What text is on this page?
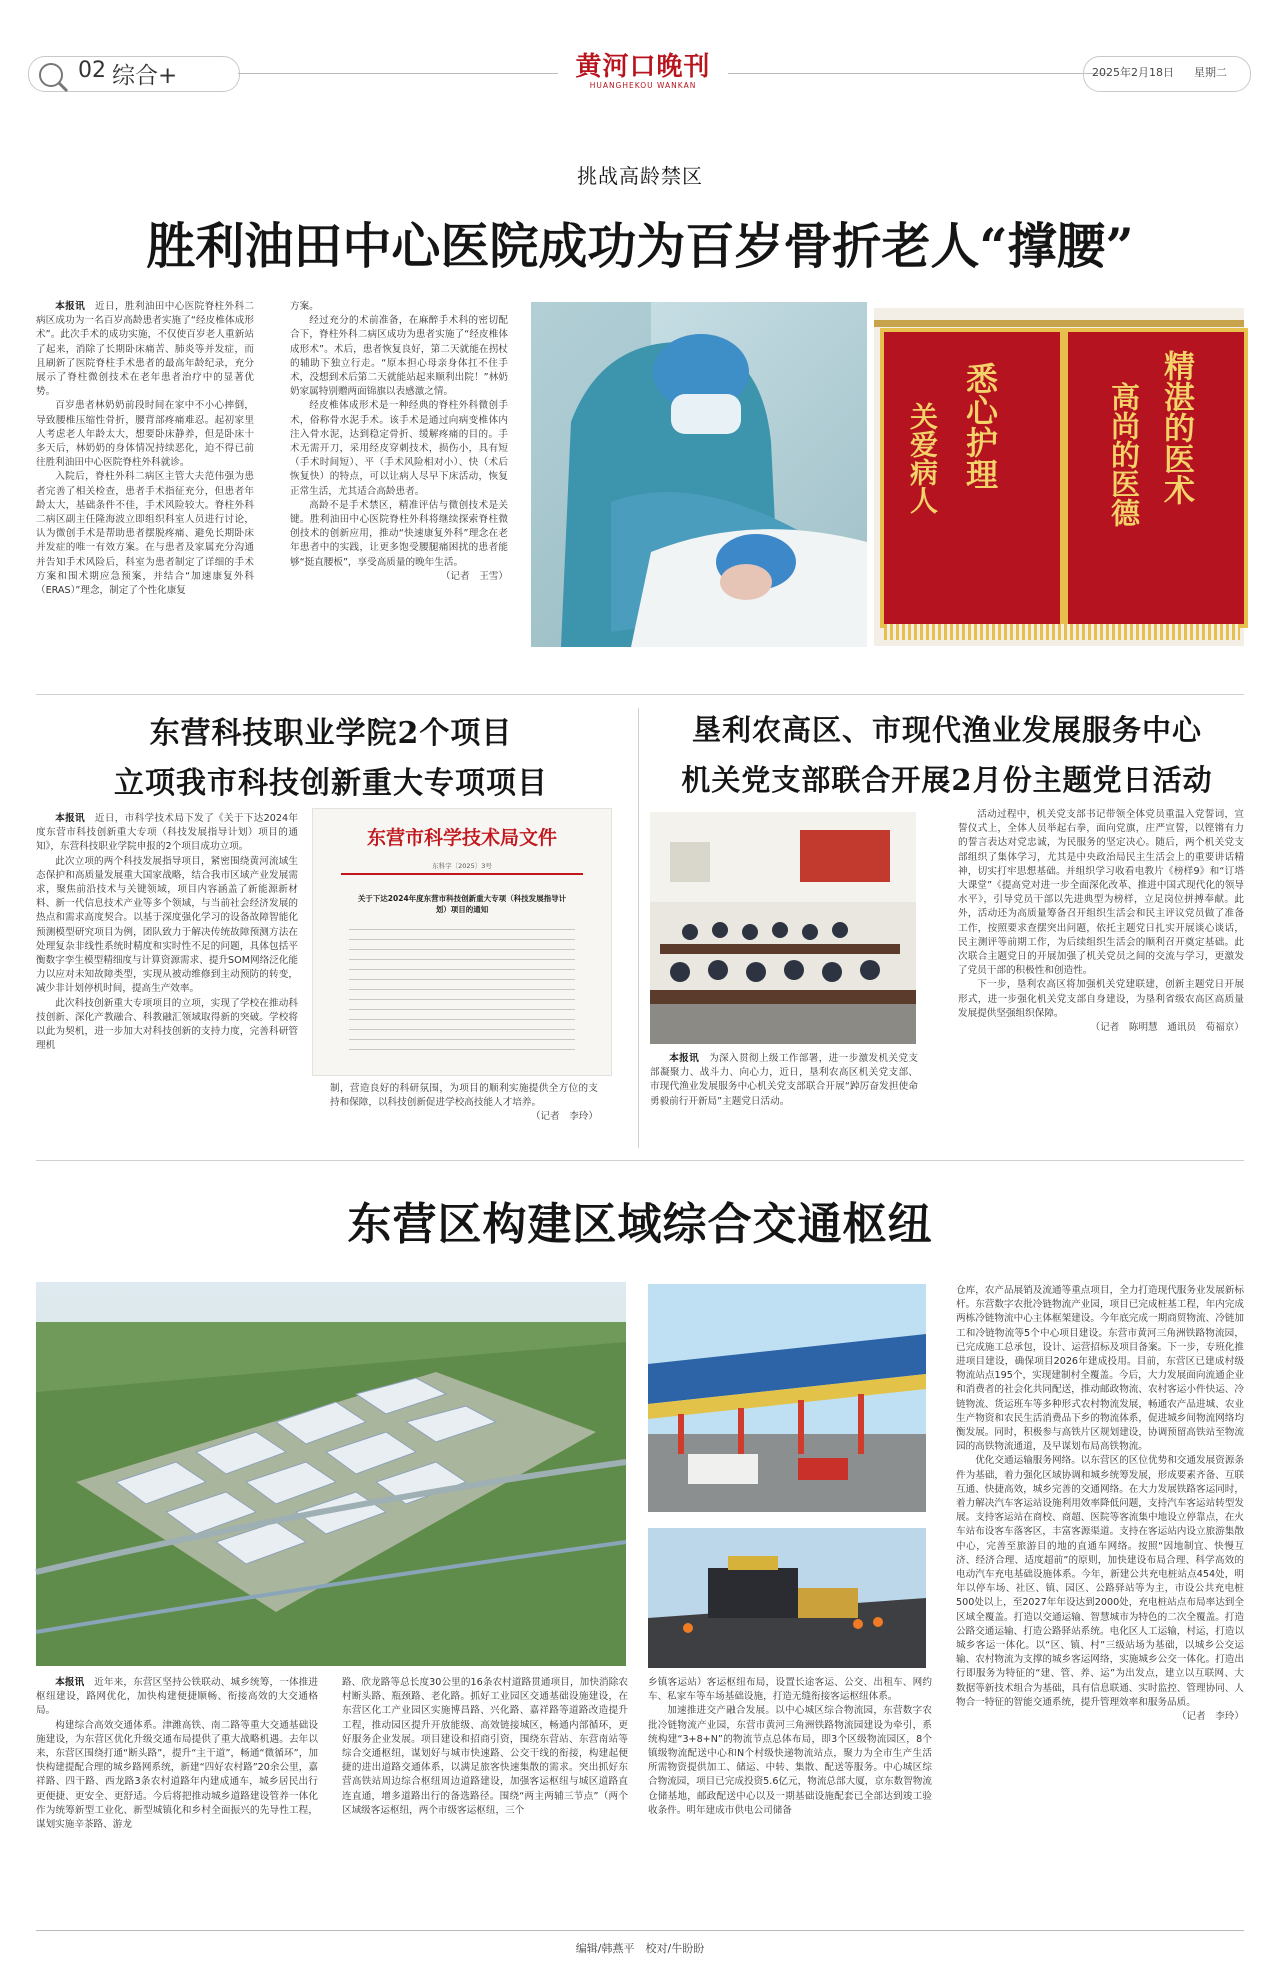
02 综合+	黄河口晚刊
HUANGHEKOU WANKAN
2025年2月18日 星期二
挑战高龄禁区
胜利油田中心医院成功为百岁骨折老人“撑腰”

本报讯　 近日，胜利油田中心医院脊柱外科二病区成功为一名百岁高龄患者实施了“经皮椎体成形术”。此次手术的成功实施，不仅使百岁老人重新站了起来，消除了长期卧床痛苦、肺炎等并发症，而且刷新了医院脊柱手术患者的最高年龄纪录，充分展示了脊柱微创技术在老年患者治疗中的显著优势。

百岁患者林奶奶前段时间在家中不小心摔倒，导致腰椎压缩性骨折，腰背部疼痛难忍。起初家里人考虑老人年龄太大，想要卧床静养，但是卧床十多天后，林奶奶的身体情况持续恶化，迫不得已前往胜利油田中心医院脊柱外科就诊。

入院后，脊柱外科二病区主管大夫范伟强为患者完善了相关检查，患者手术指征充分，但患者年龄太大，基础条件不佳，手术风险较大。脊柱外科二病区副主任隆海波立即组织科室人员进行讨论，认为微创手术是帮助患者摆脱疼痛、避免长期卧床并发症的唯一有效方案。在与患者及家属充分沟通并告知手术风险后，科室为患者制定了详细的手术方案和围术期应急预案，并结合“加速康复外科（ERAS）”理念，制定了个性化康复

方案。

经过充分的术前准备，在麻醉手术科的密切配合下，脊柱外科二病区成功为患者实施了“经皮椎体成形术”。术后，患者恢复良好，第二天就能在拐杖的辅助下独立行走。“原本担心母亲身体扛不住手术，没想到术后第二天就能站起来顺利出院！”林奶奶家属特别赠两面锦旗以表感激之情。

经皮椎体成形术是一种经典的脊柱外科微创手术，俗称骨水泥手术。该手术是通过向病变椎体内注入骨水泥，达到稳定骨折、缓解疼痛的目的。手术无需开刀，采用经皮穿刺技术，损伤小，具有短（手术时间短）、平（手术风险相对小）、快（术后恢复快）的特点，可以让病人尽早下床活动，恢复正常生活，尤其适合高龄患者。

高龄不是手术禁区，精准评估与微创技术是关键。胜利油田中心医院脊柱外科将继续探索脊柱微创技术的创新应用，推动“快速康复外科”理念在老年患者中的实践，让更多饱受腰腿痛困扰的患者能够“挺直腰板”，享受高质量的晚年生活。

（记者　王雪）
悉心护理
关爱病人	精湛的医术
高尚的医德
东营科技职业学院2个项目
立项我市科技创新重大专项项目

本报讯　 近日，市科学技术局下发了《关于下达2024年度东营市科技创新重大专项（科技发展指导计划）项目的通知》，东营科技职业学院申报的2个项目成功立项。

此次立项的两个科技发展指导项目，紧密围绕黄河流域生态保护和高质量发展重大国家战略，结合我市区域产业发展需求，聚焦前沿技术与关键领域，项目内容涵盖了新能源新材料、新一代信息技术产业等多个领域，与当前社会经济发展的热点和需求高度契合。以基于深度强化学习的设备故障智能化预测模型研究项目为例，团队致力于解决传统故障预测方法在处理复杂非线性系统时精度和实时性不足的问题，具体包括平衡数字孪生模型精细度与计算资源需求、提升SOM网络泛化能力以应对未知故障类型，实现从被动维修到主动预防的转变，减少非计划停机时间，提高生产效率。

此次科技创新重大专项项目的立项，实现了学校在推动科技创新、深化产教融合、科教融汇领域取得新的突破。学校将以此为契机，进一步加大对科技创新的支持力度，完善科研管理机

东营市科学技术局文件
东科字〔2025〕3号
关于下达2024年度东营市科技创新重大专项（科技发展指导计划）项目的通知

制，营造良好的科研氛围，为项目的顺利实施提供全方位的支持和保障，以科技创新促进学校高技能人才培养。

（记者　李玲）
垦利农高区、市现代渔业发展服务中心
机关党支部联合开展2月份主题党日活动

本报讯　 为深入贯彻上级工作部署，进一步激发机关党支部凝聚力、战斗力、向心力，近日，垦利农高区机关党支部、市现代渔业发展服务中心机关党支部联合开展“踔厉奋发担使命　勇毅前行开新局”主题党日活动。

活动过程中，机关党支部书记带领全体党员重温入党誓词，宣誓仪式上，全体人员举起右拳，面向党旗，庄严宣誓，以铿锵有力的誓言表达对党忠诚，为民服务的坚定决心。随后，两个机关党支部组织了集体学习，尤其是中央政治局民主生活会上的重要讲话精神，切实打牢思想基础。并组织学习收看电教片《榜样9》和“订塔大课堂”《提高党对进一步全面深化改革、推进中国式现代化的领导水平》，引导党员干部以先进典型为榜样，立足岗位拼搏奉献。此外，活动还为高质量筹备召开组织生活会和民主评议党员做了准备工作，按照要求查摆突出问题，依托主题党日扎实开展谈心谈话，民主测评等前期工作，为后续组织生活会的顺利召开奠定基础。此次联合主题党日的开展加强了机关党员之间的交流与学习，更激发了党员干部的积极性和创造性。

下一步，垦利农高区将加强机关党建联建，创新主题党日开展形式，进一步强化机关党支部自身建设，为垦利省级农高区高质量发展提供坚强组织保障。

（记者　陈明慧　通讯员　荀福京）
东营区构建区域综合交通枢纽

本报讯　 近年来，东营区坚持公铁联动、城乡统筹，一体推进枢纽建设，路网优化，加快构建便捷顺畅、衔接高效的大交通格局。

构建综合高效交通体系。津潍高铁、南二路等重大交通基础设施建设，为东营区优化升级交通布局提供了重大战略机遇。去年以来，东营区围绕打通“断头路”，提升“主干道”，畅通“微循环”，加快构建提配合理的城乡路网系统，新建“四好农村路”20余公里，嘉祥路、四干路、西龙路3条农村道路年内建成通车，城乡居民出行更便捷、更安全、更舒适。今后将把推动城乡道路建设管养一体化作为统筹新型工业化、新型城镇化和乡村全面振兴的先导性工程，谋划实施辛茶路、游龙

路、欣龙路等总长度30公里的16条农村道路贯通项目，加快消除农村断头路、瓶颈路、老化路。抓好工业园区交通基础设施建设，在东营区化工产业园区实施博昌路、兴化路、嘉祥路等道路改造提升工程，推动园区提升开放能级、高效链接城区，畅通内部循环，更好服务企业发展。项目建设和招商引资，围绕东营站、东营南站等综合交通枢纽，谋划好与城市快速路、公交干线的衔接，构建起便捷的进出道路交通体系，以满足旅客快速集散的需求。突出抓好东营高铁站周边综合枢纽周边道路建设，加强客运枢纽与城区道路直连直通，增多道路出行的备选路径。围绕“两主两辅三节点”（两个区域级客运枢纽，两个市级客运枢纽，三个

乡镇客运站）客运枢纽布局，设置长途客运、公交、出租车、网约车、私家车等车场基础设施，打造无缝衔接客运枢纽体系。

加速推进交产融合发展。以中心城区综合物流园，东营数字农批冷链物流产业园，东营市黄河三角洲铁路物流园建设为牵引，系统构建“3+8+N”的物流节点总体布局，即3个区级物流园区，8个镇级物流配送中心和N个村级快递物流站点，聚力为全市生产生活所需物资提供加工、储运、中转、集散、配送等服务。中心城区综合物流园，项目已完成投资5.6亿元，物流总部大厦，京东数智物流仓储基地，邮政配送中心以及一期基础设施配套已全部达到竣工验收条件。明年建成市供电公司储备

仓库，农产品展销及流通等重点项目，全力打造现代服务业发展新标杆。东营数字农批冷链物流产业园，项目已完成桩基工程，年内完成两栋冷链物流中心主体框架建设。今年底完成一期商贸物流、冷链加工和冷链物流等5个中心项目建设。东营市黄河三角洲铁路物流园，已完成施工总承包，设计、运营招标及项目备案。下一步，专班化推进项目建设，确保项目2026年建成投用。目前，东营区已建成村级物流站点195个，实现建制村全覆盖。今后，大力发展面向流通企业和消费者的社会化共同配送，推动邮政物流、农村客运小件快运、冷链物流、货运班车等多种形式农村物流发展，畅通农产品进城、农业生产物资和农民生活消费品下乡的物流体系，促进城乡间物流网络均衡发展。同时，积极参与高铁片区规划建设，协调预留高铁站至物流园的高铁物流通道，及早谋划布局高铁物流。

优化交通运输服务网络。以东营区的区位优势和交通发展资源条件为基础，着力强化区域协调和城乡统筹发展，形成要素齐备、互联互通、快捷高效，城乡完善的交通网络。在大力发展铁路客运同时，着力解决汽车客运站设施利用效率降低问题，支持汽车客运站转型发展。支持客运站在商校、商超、医院等客流集中地设立停靠点，在火车站布设客车落客区，丰富客源渠道。支持在客运站内设立旅游集散中心，完善至旅游目的地的直通车网络。按照“因地制宜、快慢互济、经济合理、适度超前”的原则，加快建设布局合理、科学高效的电动汽车充电基础设施体系。今年，新建公共充电桩站点454处，明年以停车场、社区、镇、园区、公路驿站等为主，市设公共充电桩500处以上，至2027年年设达到2000处，充电桩站点布局率达到全区域全覆盖。打造以交通运输、智慧城市为特色的二次全覆盖。打造公路交通运输、打造公路驿站系统。电化区人工运输，村运，打造以城乡客运一体化。以“区、镇、村”三级站场为基础，以城乡公交运输、农村物流为支撑的城乡客运网络，实施城乡公交一体化。打造出行即服务为特征的“建、管、养、运”为出发点，建立以互联网、大数据等新技术组合为基础，具有信息联通、实时监控、管理协同、人物合一特征的智能交通系统，提升管理效率和服务品质。

（记者　李玲）
编辑/韩燕平　校对/牛盼盼
